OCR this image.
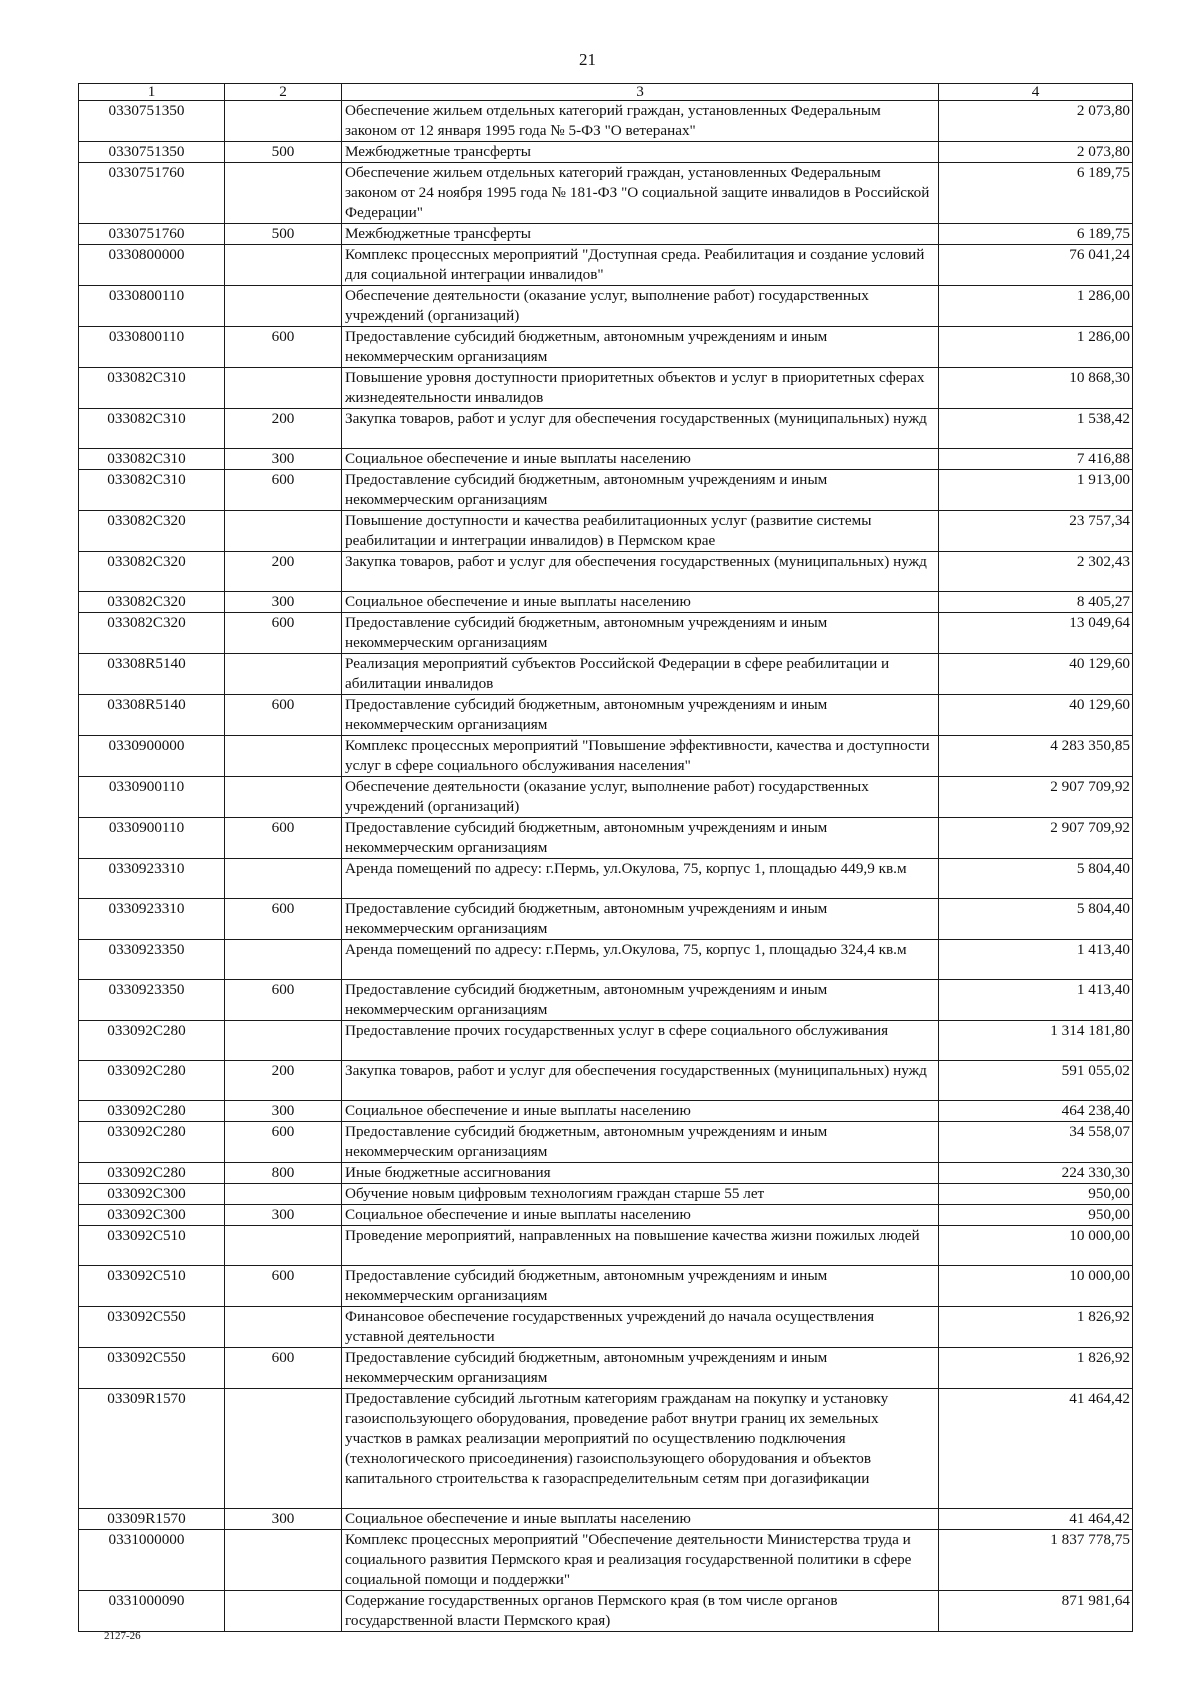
21
1	2	3	4
0330751350		Обеспечение жильем отдельных категорий граждан, установленных Федеральным законом от 12 января 1995 года № 5-ФЗ "О ветеранах"	2 073,80
0330751350	500	Межбюджетные трансферты	2 073,80
0330751760		Обеспечение жильем отдельных категорий граждан, установленных Федеральным законом от 24 ноября 1995 года № 181-ФЗ "О социальной защите инвалидов в Российской Федерации"	6 189,75
0330751760	500	Межбюджетные трансферты	6 189,75
0330800000		Комплекс процессных мероприятий "Доступная среда. Реабилитация и создание условий для социальной интеграции инвалидов"	76 041,24
0330800110		Обеспечение деятельности (оказание услуг, выполнение работ) государственных учреждений (организаций)	1 286,00
0330800110	600	Предоставление субсидий бюджетным, автономным учреждениям и иным некоммерческим организациям	1 286,00
033082С310		Повышение уровня доступности приоритетных объектов и услуг в приоритетных сферах жизнедеятельности инвалидов	10 868,30
033082С310	200	Закупка товаров, работ и услуг для обеспечения государственных (муниципальных) нужд	1 538,42
033082С310	300	Социальное обеспечение и иные выплаты населению	7 416,88
033082С310	600	Предоставление субсидий бюджетным, автономным учреждениям и иным некоммерческим организациям	1 913,00
033082С320		Повышение доступности и качества реабилитационных услуг (развитие системы реабилитации и интеграции инвалидов) в Пермском крае	23 757,34
033082С320	200	Закупка товаров, работ и услуг для обеспечения государственных (муниципальных) нужд	2 302,43
033082С320	300	Социальное обеспечение и иные выплаты населению	8 405,27
033082С320	600	Предоставление субсидий бюджетным, автономным учреждениям и иным некоммерческим организациям	13 049,64
03308R5140		Реализация мероприятий субъектов Российской Федерации в сфере реабилитации и абилитации инвалидов	40 129,60
03308R5140	600	Предоставление субсидий бюджетным, автономным учреждениям и иным некоммерческим организациям	40 129,60
0330900000		Комплекс процессных мероприятий "Повышение эффективности, качества и доступности услуг в сфере социального обслуживания населения"	4 283 350,85
0330900110		Обеспечение деятельности (оказание услуг, выполнение работ) государственных учреждений (организаций)	2 907 709,92
0330900110	600	Предоставление субсидий бюджетным, автономным учреждениям и иным некоммерческим организациям	2 907 709,92
0330923310		Аренда помещений по адресу: г.Пермь, ул.Окулова, 75, корпус 1, площадью 449,9 кв.м	5 804,40
0330923310	600	Предоставление субсидий бюджетным, автономным учреждениям и иным некоммерческим организациям	5 804,40
0330923350		Аренда помещений по адресу: г.Пермь, ул.Окулова, 75, корпус 1, площадью 324,4 кв.м	1 413,40
0330923350	600	Предоставление субсидий бюджетным, автономным учреждениям и иным некоммерческим организациям	1 413,40
033092С280		Предоставление прочих государственных услуг в сфере социального обслуживания	1 314 181,80
033092С280	200	Закупка товаров, работ и услуг для обеспечения государственных (муниципальных) нужд	591 055,02
033092С280	300	Социальное обеспечение и иные выплаты населению	464 238,40
033092С280	600	Предоставление субсидий бюджетным, автономным учреждениям и иным некоммерческим организациям	34 558,07
033092С280	800	Иные бюджетные ассигнования	224 330,30
033092С300		Обучение новым цифровым технологиям граждан старше 55 лет	950,00
033092С300	300	Социальное обеспечение и иные выплаты населению	950,00
033092С510		Проведение мероприятий, направленных на повышение качества жизни пожилых людей	10 000,00
033092С510	600	Предоставление субсидий бюджетным, автономным учреждениям и иным некоммерческим организациям	10 000,00
033092С550		Финансовое обеспечение государственных учреждений до начала осуществления уставной деятельности	1 826,92
033092С550	600	Предоставление субсидий бюджетным, автономным учреждениям и иным некоммерческим организациям	1 826,92
03309R1570		Предоставление субсидий льготным категориям гражданам на покупку и установку газоиспользующего оборудования, проведение работ внутри границ их земельных участков в рамках реализации мероприятий по осуществлению подключения (технологического присоединения) газоиспользующего оборудования и объектов капитального строительства к газораспределительным сетям при догазификации	41 464,42
03309R1570	300	Социальное обеспечение и иные выплаты населению	41 464,42
0331000000		Комплекс процессных мероприятий "Обеспечение деятельности Министерства труда и социального развития Пермского края и реализация государственной политики в сфере социальной помощи и поддержки"	1 837 778,75
0331000090		Содержание государственных органов Пермского края (в том числе органов государственной власти Пермского края)	871 981,64
2127-26
